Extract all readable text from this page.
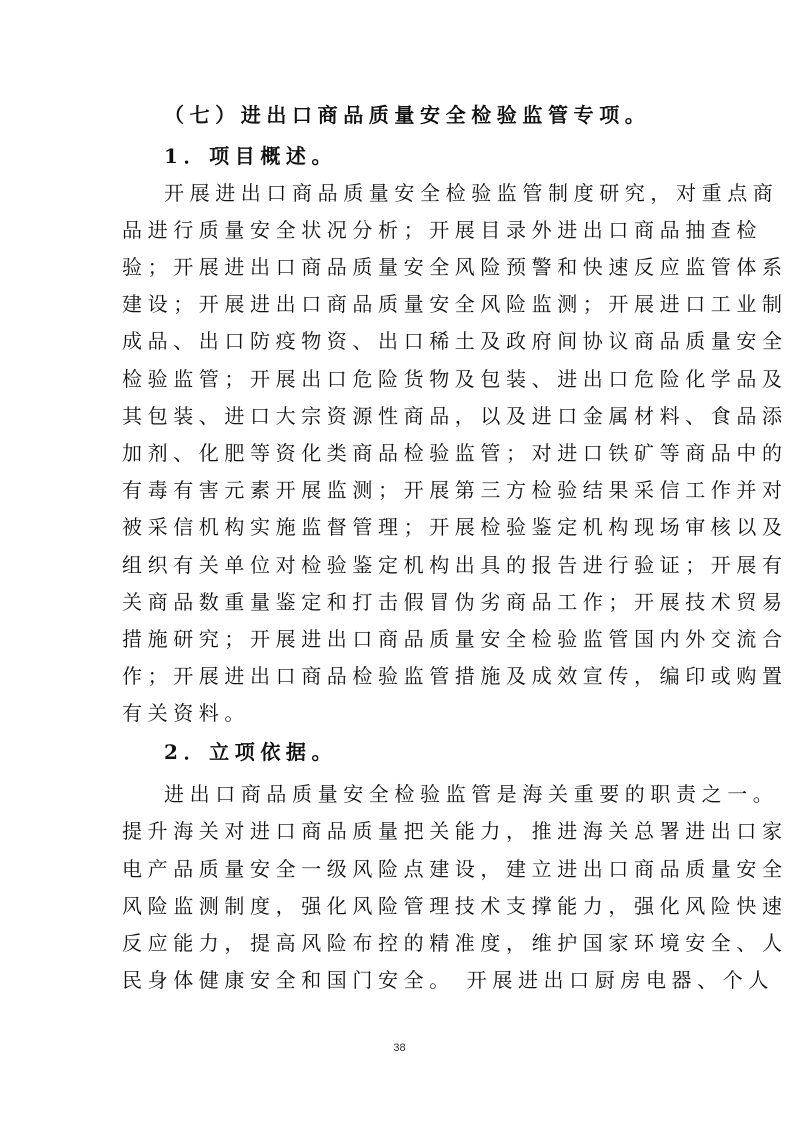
（七）进出口商品质量安全检验监管专项。
1．项目概述。
开展进出口商品质量安全检验监管制度研究，对重点商
品进行质量安全状况分析；开展目录外进出口商品抽查检
验；开展进出口商品质量安全风险预警和快速反应监管体系
建设；开展进出口商品质量安全风险监测；开展进口工业制
成品、出口防疫物资、出口稀土及政府间协议商品质量安全
检验监管；开展出口危险货物及包装、进出口危险化学品及
其包装、进口大宗资源性商品，以及进口金属材料、食品添
加剂、化肥等资化类商品检验监管；对进口铁矿等商品中的
有毒有害元素开展监测；开展第三方检验结果采信工作并对
被采信机构实施监督管理；开展检验鉴定机构现场审核以及
组织有关单位对检验鉴定机构出具的报告进行验证；开展有
关商品数重量鉴定和打击假冒伪劣商品工作；开展技术贸易
措施研究；开展进出口商品质量安全检验监管国内外交流合
作；开展进出口商品检验监管措施及成效宣传，编印或购置
有关资料。
2．立项依据。
进出口商品质量安全检验监管是海关重要的职责之一。
提升海关对进口商品质量把关能力，推进海关总署进出口家
电产品质量安全一级风险点建设，建立进出口商品质量安全
风险监测制度，强化风险管理技术支撑能力，强化风险快速
反应能力，提高风险布控的精准度，维护国家环境安全、人
民身体健康安全和国门安全。 开展进出口厨房电器、个人
38
